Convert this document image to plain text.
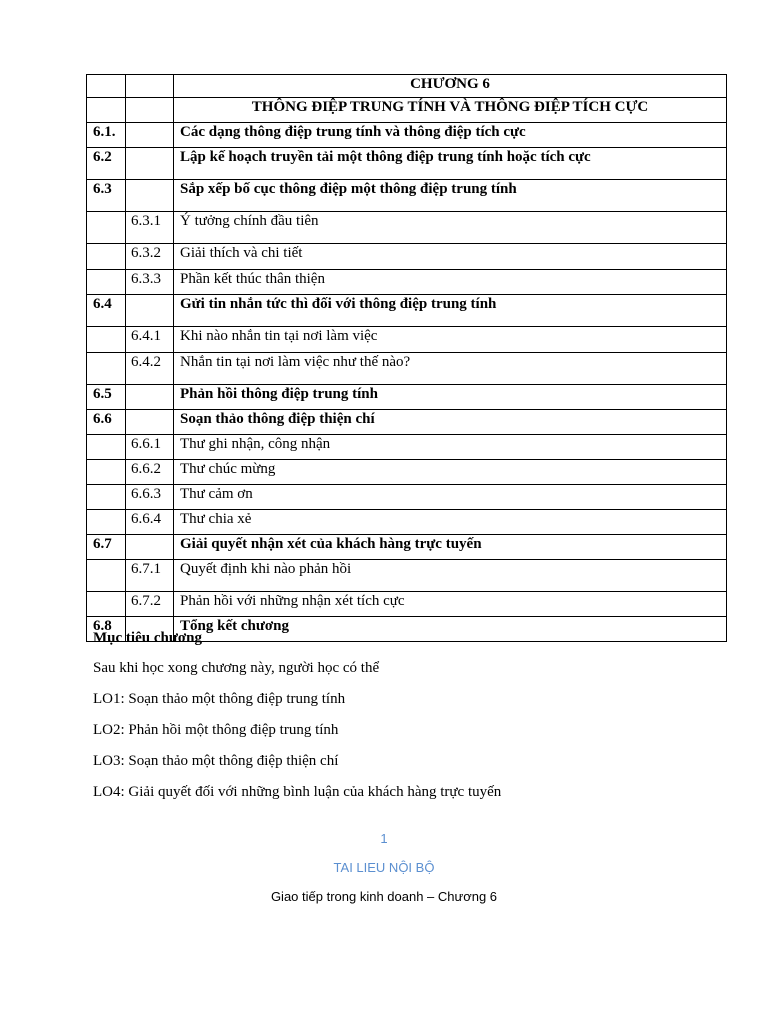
		CHƯƠNG 6
		THÔNG ĐIỆP TRUNG TÍNH VÀ THÔNG ĐIỆP TÍCH CỰC
6.1.		Các dạng thông điệp trung tính và thông điệp tích cực
6.2		Lập kế hoạch truyền tải một thông điệp trung tính hoặc tích cực
6.3		Sắp xếp bố cục thông điệp một thông điệp trung tính
	6.3.1	Ý tưởng chính đầu tiên
	6.3.2	Giải thích và chi tiết
	6.3.3	Phần kết thúc thân thiện
6.4		Gửi tin nhắn tức thì đối với thông điệp trung tính
	6.4.1	Khi nào nhắn tin tại nơi làm việc
	6.4.2	Nhắn tin tại nơi làm việc như thế nào?
6.5		Phản hồi thông điệp trung tính
6.6		Soạn thảo thông điệp thiện chí
	6.6.1	Thư ghi nhận, công nhận
	6.6.2	Thư chúc mừng
	6.6.3	Thư cảm ơn
	6.6.4	Thư chia xẻ
6.7		Giải quyết nhận xét của khách hàng trực tuyến
	6.7.1	Quyết định khi nào phản hồi
	6.7.2	Phản hồi với những nhận xét tích cực
6.8		Tổng kết chương
Mục tiêu chương
Sau khi học xong chương này, người học có thể
LO1: Soạn thảo một thông điệp trung tính
LO2: Phản hồi một thông điệp trung tính
LO3: Soạn thảo một thông điệp thiện chí
LO4: Giải quyết đối với những bình luận của khách hàng trực tuyến
1
TAI LIEU NỘI BỘ
Giao tiếp trong kinh doanh – Chương 6
